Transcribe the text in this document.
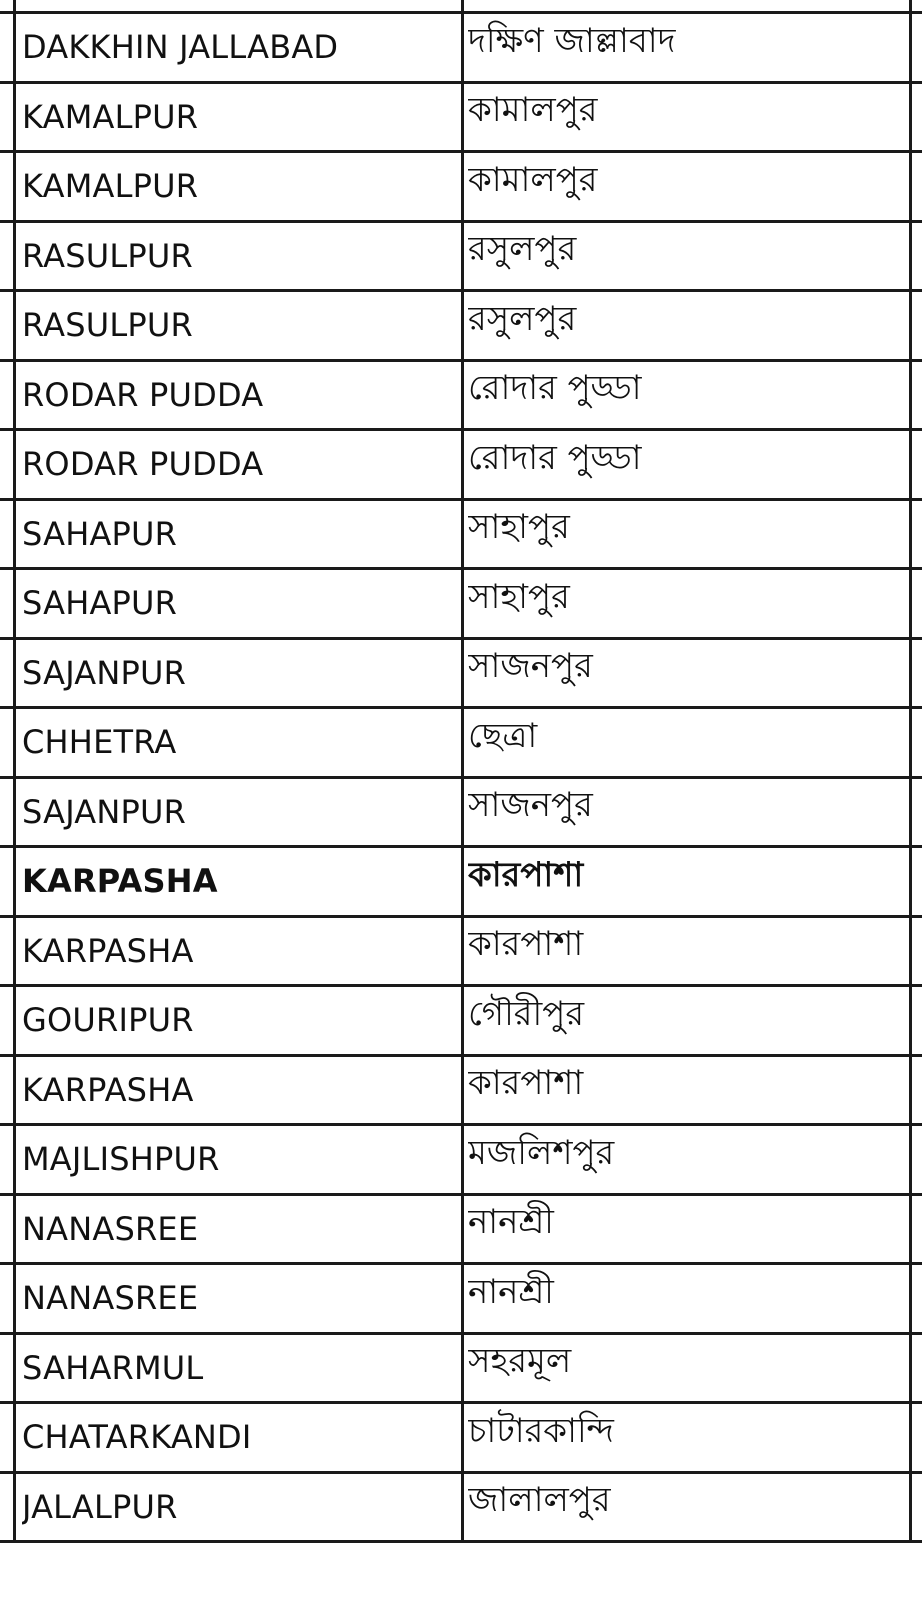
DAKKHIN JALLABAD	দক্ষিণ জাল্লাবাদ
KAMALPUR	কামালপুর
KAMALPUR	কামালপুর
RASULPUR	রসুলপুর
RASULPUR	রসুলপুর
RODAR PUDDA	রোদার পুড্ডা
RODAR PUDDA	রোদার পুড্ডা
SAHAPUR	সাহাপুর
SAHAPUR	সাহাপুর
SAJANPUR	সাজনপুর
CHHETRA	ছেত্রা
SAJANPUR	সাজনপুর
KARPASHA	কারপাশা
KARPASHA	কারপাশা
GOURIPUR	গৌরীপুর
KARPASHA	কারপাশা
MAJLISHPUR	মজলিশপুর
NANASREE	নানশ্রী
NANASREE	নানশ্রী
SAHARMUL	সহরমূল
CHATARKANDI	চাটারকান্দি
JALALPUR	জালালপুর
